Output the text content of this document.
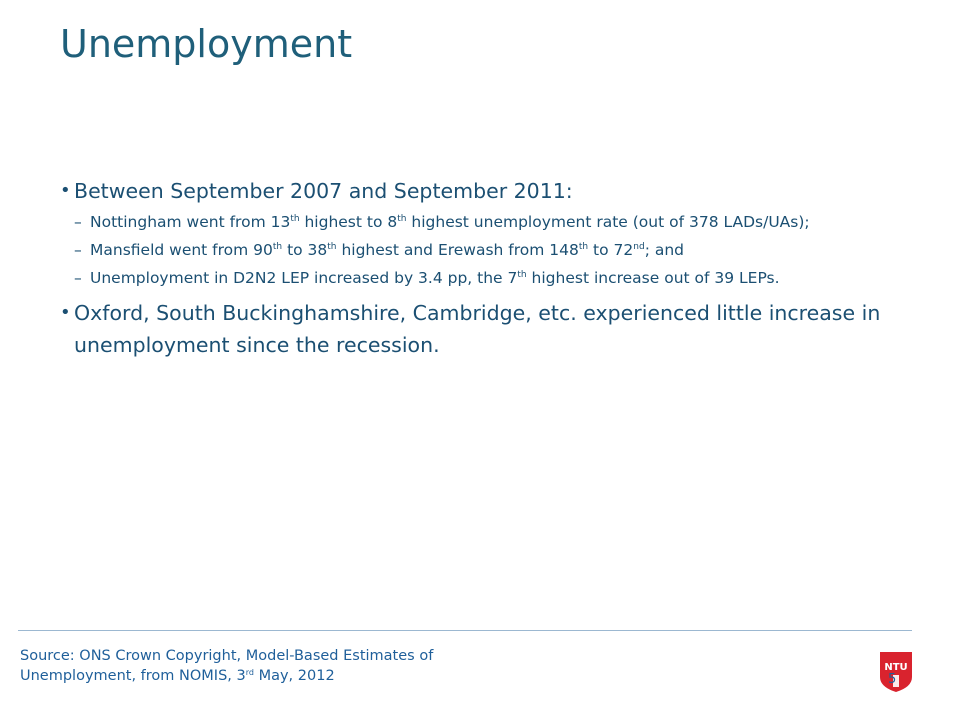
Unemployment

• Between September 2007 and September 2011:

– Nottingham went from 13th highest to 8th highest unemployment rate (out of 378 LADs/UAs);

– Mansfield went from 90th to 38th highest and Erewash from 148th to 72nd; and

– Unemployment in D2N2 LEP increased by 3.4 pp, the 7th highest increase out of 39 LEPs.

• Oxford, South Buckinghamshire, Cambridge, etc. experienced little increase in unemployment since the recession.

Source: ONS Crown Copyright, Model-Based Estimates of Unemployment, from NOMIS, 3rd May, 2012
NTU
5
